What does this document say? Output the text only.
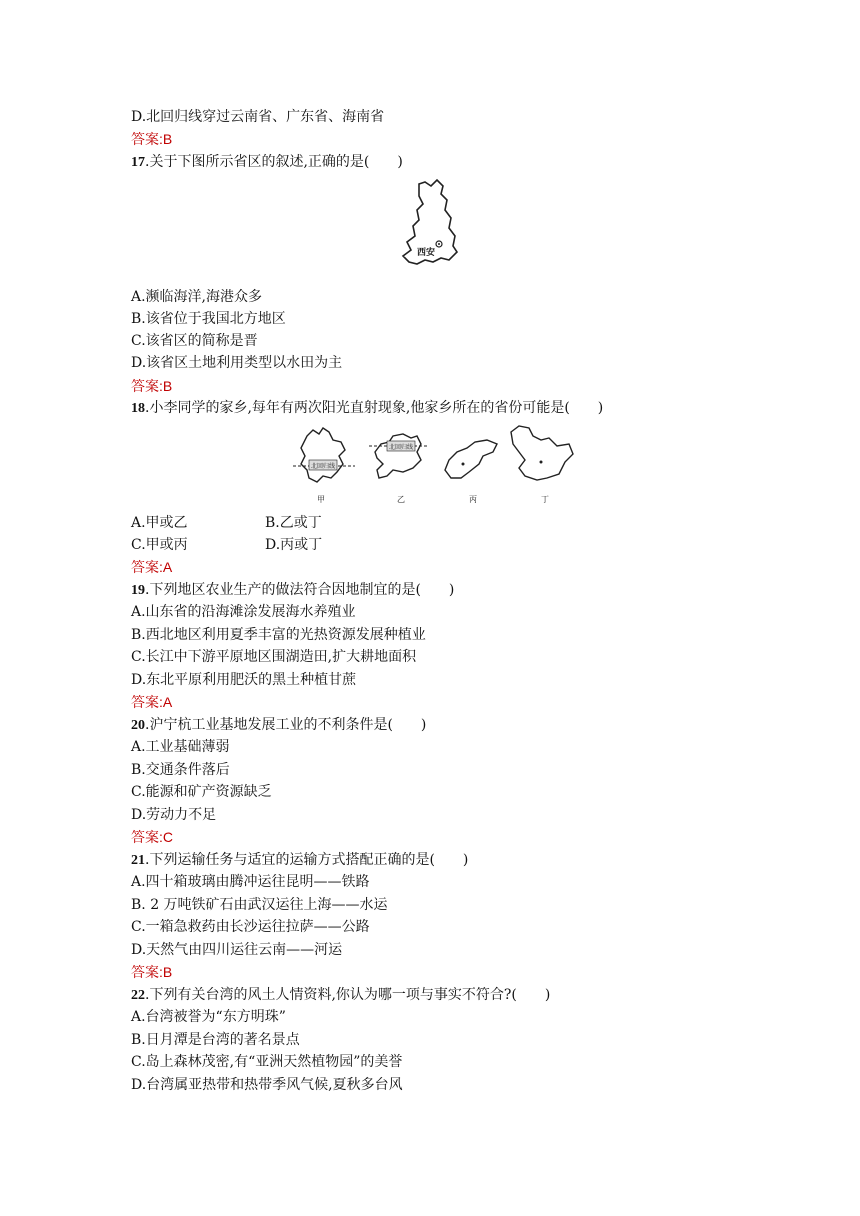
D.北回归线穿过云南省、广东省、海南省
答案:B
17.关于下图所示省区的叙述,正确的是(　　)
西安
A.濒临海洋,海港众多
B.该省位于我国北方地区
C.该省区的简称是晋
D.该省区土地利用类型以水田为主
答案:B
18.小李同学的家乡,每年有两次阳光直射现象,他家乡所在的省份可能是(　　)
北回归线
甲
北回归线
乙	丙	丁
A.甲或乙	B.乙或丁
C.甲或丙	D.丙或丁
答案:A
19.下列地区农业生产的做法符合因地制宜的是(　　)
A.山东省的沿海滩涂发展海水养殖业
B.西北地区利用夏季丰富的光热资源发展种植业
C.长江中下游平原地区围湖造田,扩大耕地面积
D.东北平原利用肥沃的黑土种植甘蔗
答案:A
20.沪宁杭工业基地发展工业的不利条件是(　　)
A.工业基础薄弱
B.交通条件落后
C.能源和矿产资源缺乏
D.劳动力不足
答案:C
21.下列运输任务与适宜的运输方式搭配正确的是(　　)
A.四十箱玻璃由腾冲运往昆明——铁路
B. 2 万吨铁矿石由武汉运往上海——水运
C.一箱急救药由长沙运往拉萨——公路
D.天然气由四川运往云南——河运
答案:B
22.下列有关台湾的风土人情资料,你认为哪一项与事实不符合?(　　)
A.台湾被誉为“东方明珠”
B.日月潭是台湾的著名景点
C.岛上森林茂密,有“亚洲天然植物园”的美誉
D.台湾属亚热带和热带季风气候,夏秋多台风
